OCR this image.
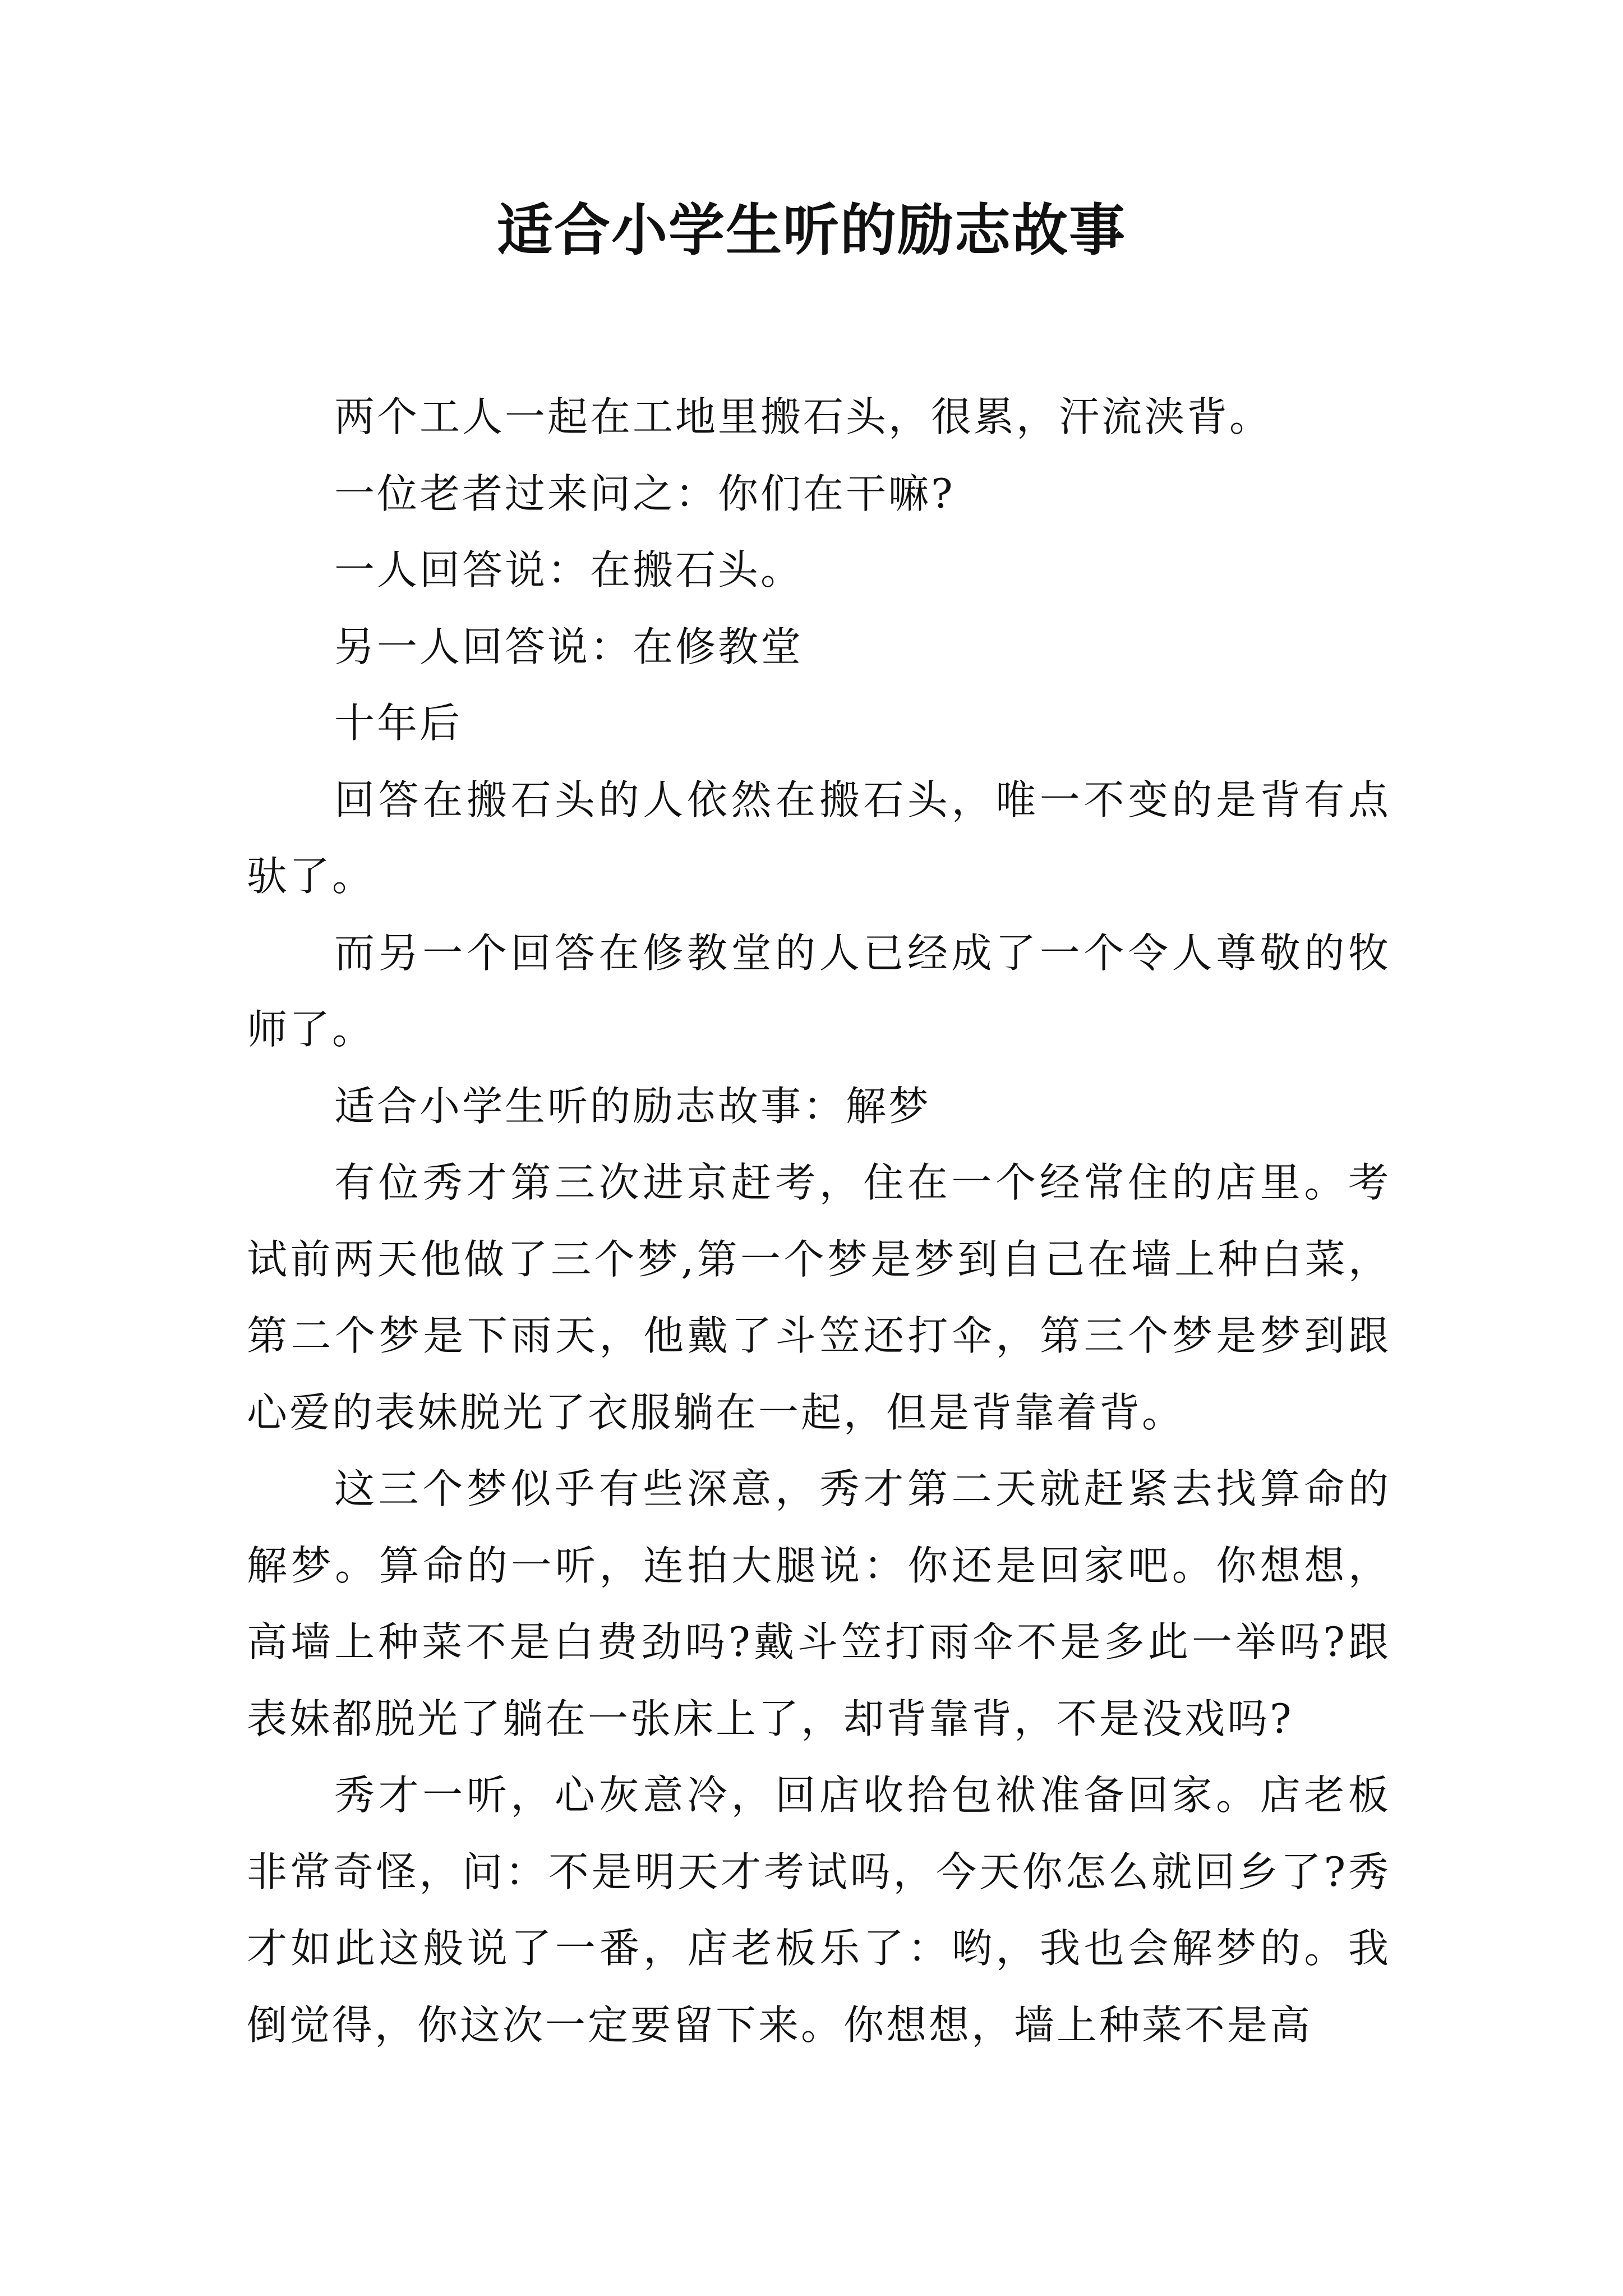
适合小学生听的励志故事

两个工人一起在工地里搬石头，很累，汗流浃背。

一位老者过来问之：你们在干嘛?

一人回答说：在搬石头。

另一人回答说：在修教堂

十年后

回答在搬石头的人依然在搬石头，唯一不变的是背有点驮了。

而另一个回答在修教堂的人已经成了一个令人尊敬的牧师了。

适合小学生听的励志故事：解梦

有位秀才第三次进京赶考，住在一个经常住的店里。考试前两天他做了三个梦,第一个梦是梦到自己在墙上种白菜，第二个梦是下雨天，他戴了斗笠还打伞，第三个梦是梦到跟心爱的表妹脱光了衣服躺在一起，但是背靠着背。

这三个梦似乎有些深意，秀才第二天就赶紧去找算命的解梦。算命的一听，连拍大腿说：你还是回家吧。你想想，高墙上种菜不是白费劲吗?戴斗笠打雨伞不是多此一举吗?跟表妹都脱光了躺在一张床上了，却背靠背，不是没戏吗?

秀才一听，心灰意冷，回店收拾包袱准备回家。店老板非常奇怪，问：不是明天才考试吗，今天你怎么就回乡了?秀才如此这般说了一番，店老板乐了：哟，我也会解梦的。我倒觉得，你这次一定要留下来。你想想，墙上种菜不是高
